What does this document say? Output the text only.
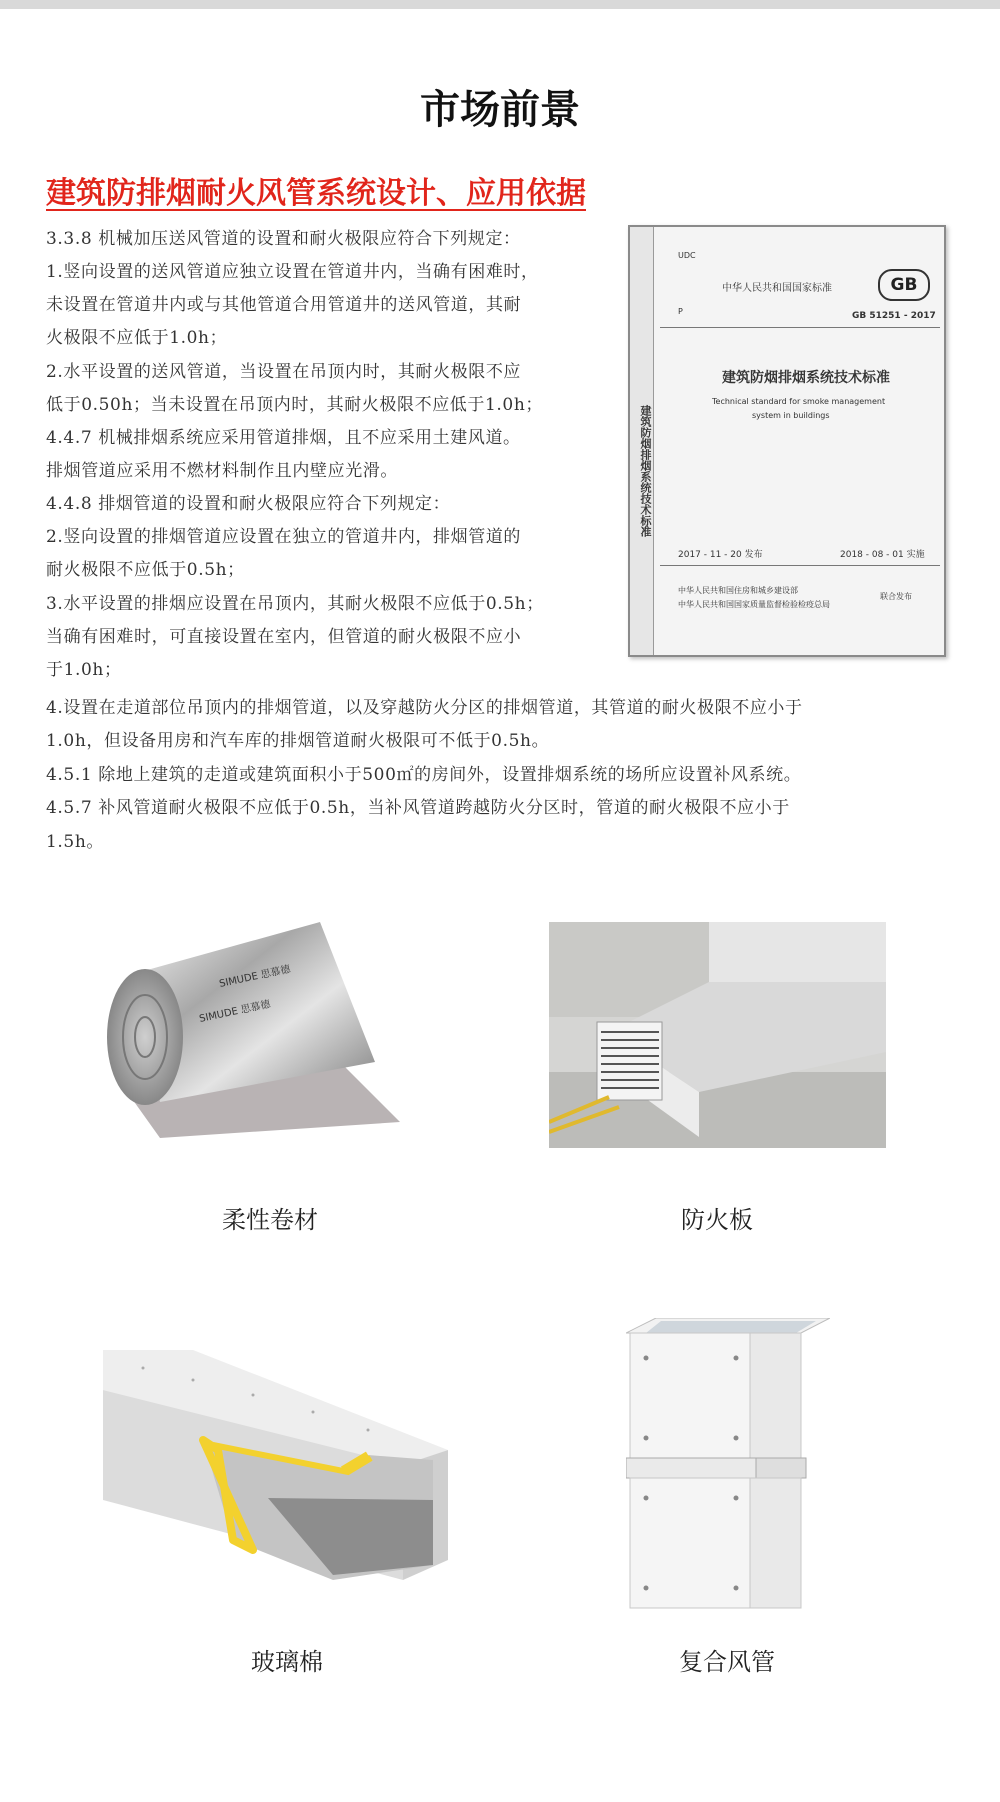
市场前景
建筑防排烟耐火风管系统设计、应用依据
3.3.8 机械加压送风管道的设置和耐火极限应符合下列规定：
1.竖向设置的送风管道应独立设置在管道井内，当确有困难时，
未设置在管道井内或与其他管道合用管道井的送风管道，其耐
火极限不应低于1.0h；
2.水平设置的送风管道，当设置在吊顶内时，其耐火极限不应
低于0.50h；当未设置在吊顶内时，其耐火极限不应低于1.0h；
4.4.7 机械排烟系统应采用管道排烟，且不应采用土建风道。
排烟管道应采用不燃材料制作且内壁应光滑。
4.4.8 排烟管道的设置和耐火极限应符合下列规定：
2.竖向设置的排烟管道应设置在独立的管道井内，排烟管道的
耐火极限不应低于0.5h；
3.水平设置的排烟应设置在吊顶内，其耐火极限不应低于0.5h；
当确有困难时，可直接设置在室内，但管道的耐火极限不应小
于1.0h；
4.设置在走道部位吊顶内的排烟管道，以及穿越防火分区的排烟管道，其管道的耐火极限不应小于
1.0h，但设备用房和汽车库的排烟管道耐火极限可不低于0.5h。
4.5.1 除地上建筑的走道或建筑面积小于500㎡的房间外，设置排烟系统的场所应设置补风系统。
4.5.7 补风管道耐火极限不应低于0.5h，当补风管道跨越防火分区时，管道的耐火极限不应小于
1.5h。
建筑防烟排烟系统技术标准
UDC
中华人民共和国国家标准	GB
P	GB 51251 - 2017
建筑防烟排烟系统技术标准
Technical standard for smoke management
system in buildings
2017 - 11 - 20 发布	2018 - 08 - 01 实施
中华人民共和国住房和城乡建设部
中华人民共和国国家质量监督检验检疫总局
联合发布
SIMUDE 思慕德
SIMUDE 思慕德
柔性卷材	防火板
玻璃棉	复合风管
